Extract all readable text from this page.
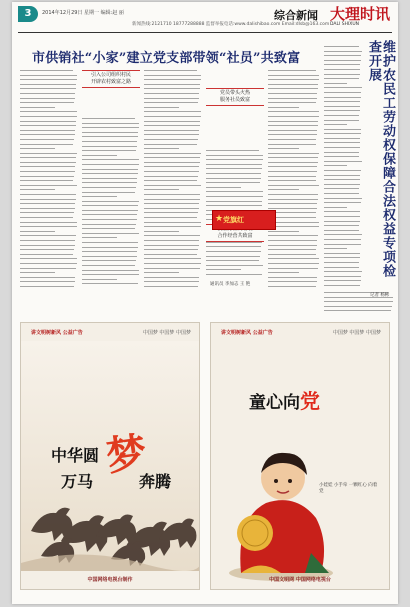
3	2014年12月29日 星期一 编辑:赵 丽
新闻热线:2121710 18777288888 监督举报电话:www.dalishibao.com Email:dlsb@163.com
综合新闻 大理时讯
DALI SHIXUN
市供销社“小家”建立党支部带领“社员”共致富
引入公司组织村民
开辟农村致富之路
党员带头火热
服务社员致富
合作经营共致富
★ 党旗红
通讯员 李加志 王 艳
维护农民工劳动权保障合法权益专项检查开展
记者 杨彬
讲文明树新风 公益广告	中国梦 中国梦 中国梦
梦
中华圆
万马	奔腾
中国网络电视台制作
讲文明树新风 公益广告	中国梦 中国梦 中国梦
童心向党
小娃娃 小手牵 一颗红心 向着党
中国文明网 中国网络电视台
